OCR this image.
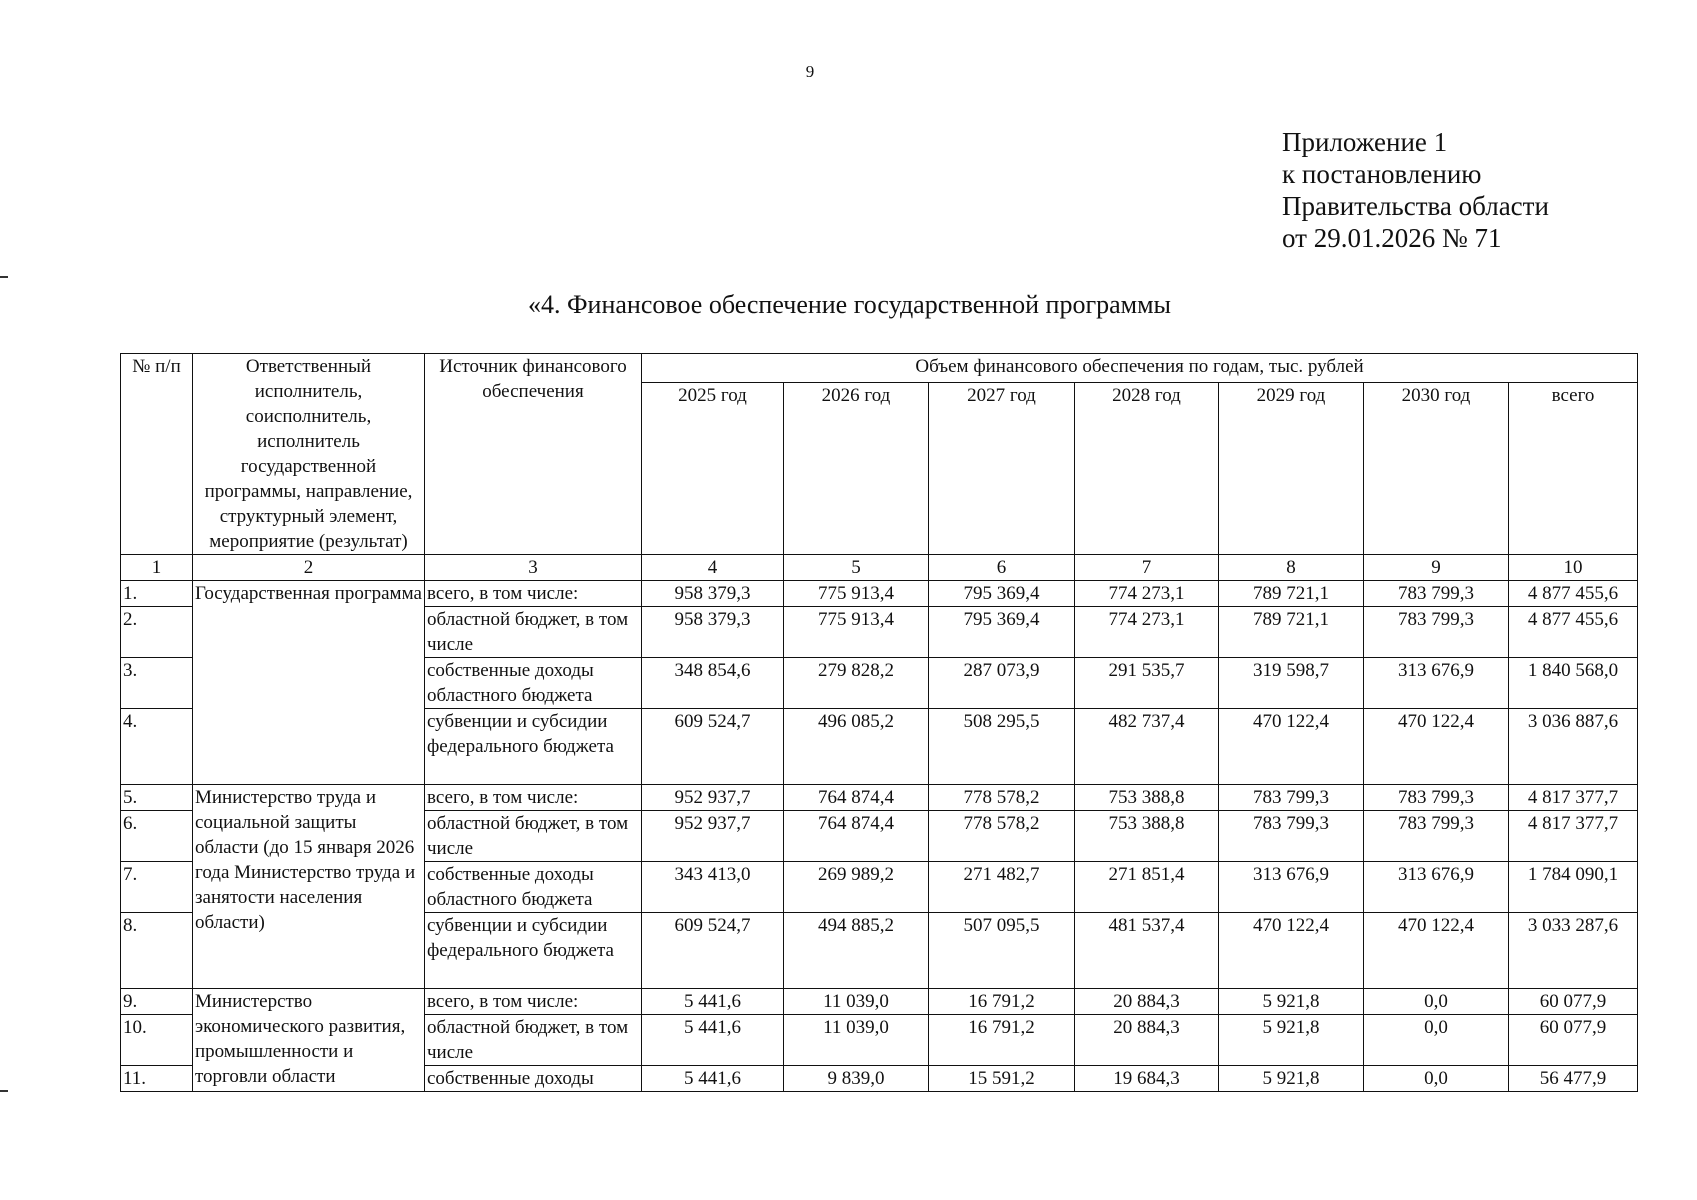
9
Приложение 1
к постановлению
Правительства области
от 29.01.2026 № 71
«4. Финансовое обеспечение государственной программы
№ п/п	Ответственный исполнитель, соисполнитель, исполнитель государственной программы, направление, структурный элемент, мероприятие (результат)	Источник финансового обеспечения	Объем финансового обеспечения по годам, тыс. рублей						
			2025 год	2026 год	2027 год	2028 год	2029 год	2030 год	всего
1	2	3	4	5	6	7	8	9	10
1.	Государственная программа	всего, в том числе:	958 379,3	775 913,4	795 369,4	774 273,1	789 721,1	783 799,3	4 877 455,6
2.		областной бюджет, в том числе	958 379,3	775 913,4	795 369,4	774 273,1	789 721,1	783 799,3	4 877 455,6
3.		собственные доходы областного бюджета	348 854,6	279 828,2	287 073,9	291 535,7	319 598,7	313 676,9	1 840 568,0
4.		субвенции и субсидии федерального бюджета	609 524,7	496 085,2	508 295,5	482 737,4	470 122,4	470 122,4	3 036 887,6
5.	Министерство труда и социальной защиты области (до 15 января 2026 года Министерство труда и занятости населения области)	всего, в том числе:	952 937,7	764 874,4	778 578,2	753 388,8	783 799,3	783 799,3	4 817 377,7
6.		областной бюджет, в том числе	952 937,7	764 874,4	778 578,2	753 388,8	783 799,3	783 799,3	4 817 377,7
7.		собственные доходы областного бюджета	343 413,0	269 989,2	271 482,7	271 851,4	313 676,9	313 676,9	1 784 090,1
8.		субвенции и субсидии федерального бюджета	609 524,7	494 885,2	507 095,5	481 537,4	470 122,4	470 122,4	3 033 287,6
9.	Министерство экономического развития, промышленности и торговли области	всего, в том числе:	5 441,6	11 039,0	16 791,2	20 884,3	5 921,8	0,0	60 077,9
10.		областной бюджет, в том числе	5 441,6	11 039,0	16 791,2	20 884,3	5 921,8	0,0	60 077,9
11.		собственные доходы	5 441,6	9 839,0	15 591,2	19 684,3	5 921,8	0,0	56 477,9
